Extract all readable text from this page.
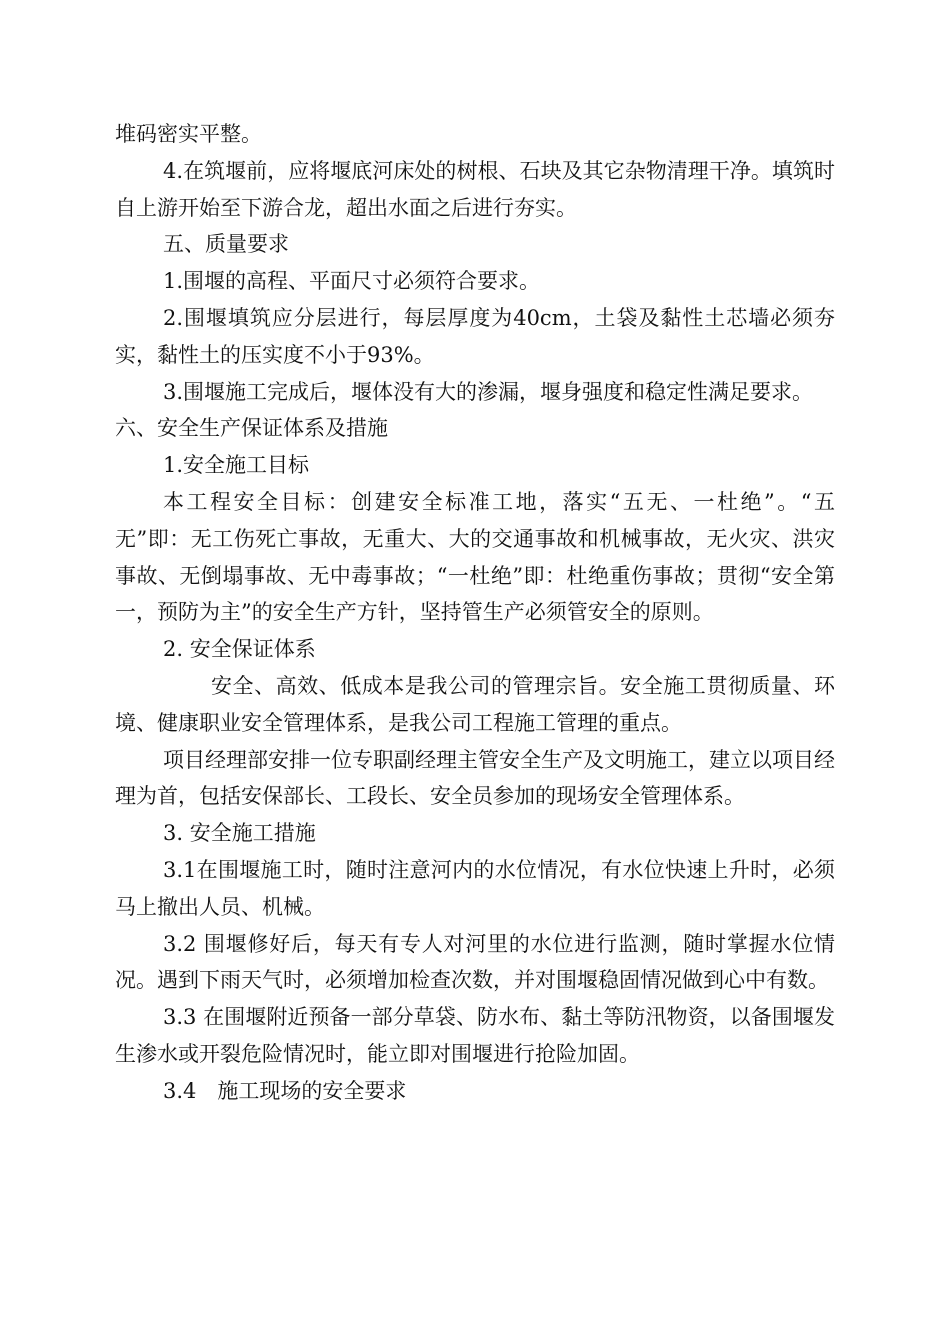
堆码密实平整。

4.在筑堰前，应将堰底河床处的树根、石块及其它杂物清理干净。填筑时自上游开始至下游合龙，超出水面之后进行夯实。

五、质量要求

1.围堰的高程、平面尺寸必须符合要求。

2.围堰填筑应分层进行，每层厚度为40cm，土袋及黏性土芯墙必须夯实，黏性土的压实度不小于93%。

3.围堰施工完成后，堰体没有大的渗漏，堰身强度和稳定性满足要求。

六、安全生产保证体系及措施

1.安全施工目标

本工程安全目标：创建安全标准工地，落实“五无、一杜绝”。“五无”即：无工伤死亡事故，无重大、大的交通事故和机械事故，无火灾、洪灾事故、无倒塌事故、无中毒事故；“一杜绝”即：杜绝重伤事故；贯彻“安全第一，预防为主”的安全生产方针，坚持管生产必须管安全的原则。

2. 安全保证体系

安全、高效、低成本是我公司的管理宗旨。安全施工贯彻质量、环境、健康职业安全管理体系，是我公司工程施工管理的重点。

项目经理部安排一位专职副经理主管安全生产及文明施工，建立以项目经理为首，包括安保部长、工段长、安全员参加的现场安全管理体系。

3. 安全施工措施

3.1在围堰施工时，随时注意河内的水位情况，有水位快速上升时，必须马上撤出人员、机械。

3.2 围堰修好后，每天有专人对河里的水位进行监测，随时掌握水位情况。遇到下雨天气时，必须增加检查次数，并对围堰稳固情况做到心中有数。

3.3 在围堰附近预备一部分草袋、防水布、黏土等防汛物资，以备围堰发生渗水或开裂危险情况时，能立即对围堰进行抢险加固。

3.4　施工现场的安全要求
